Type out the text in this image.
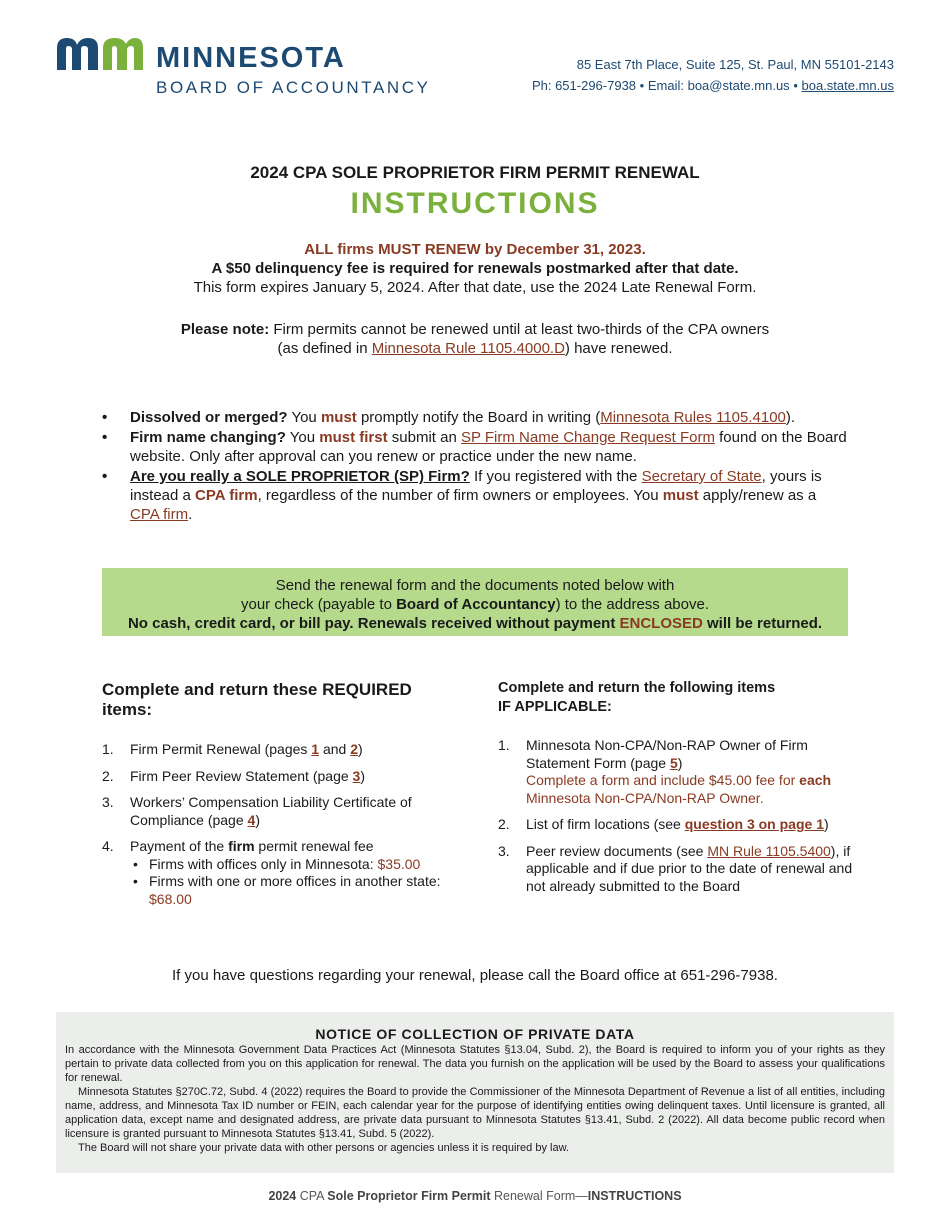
MINNESOTA
BOARD OF ACCOUNTANCY
85 East 7th Place, Suite 125, St. Paul, MN 55101-2143
Ph: 651-296-7938 • Email: boa@state.mn.us • boa.state.mn.us
2024 CPA SOLE PROPRIETOR FIRM PERMIT RENEWAL
INSTRUCTIONS
ALL firms MUST RENEW by December 31, 2023.
A $50 delinquency fee is required for renewals postmarked after that date.
This form expires January 5, 2024. After that date, use the 2024 Late Renewal Form.
Please note: Firm permits cannot be renewed until at least two-thirds of the CPA owners
(as defined in Minnesota Rule 1105.4000.D) have renewed.
• Dissolved or merged? You must promptly notify the Board in writing (Minnesota Rules 1105.4100).
• Firm name changing? You must first submit an SP Firm Name Change Request Form found on the Board website. Only after approval can you renew or practice under the new name.
• Are you really a SOLE PROPRIETOR (SP) Firm? If you registered with the Secretary of State, yours is instead a CPA firm, regardless of the number of firm owners or employees. You must apply/renew as a CPA firm.
Send the renewal form and the documents noted below with
your check (payable to Board of Accountancy) to the address above.
No cash, credit card, or bill pay. Renewals received without payment ENCLOSED will be returned.
Complete and return these REQUIRED items:
1. Firm Permit Renewal (pages 1 and 2)
2. Firm Peer Review Statement (page 3)
3. Workers’ Compensation Liability Certificate of Compliance (page 4)
4. Payment of the firm permit renewal fee
• Firms with offices only in Minnesota: $35.00
• Firms with one or more offices in another state: $68.00
Complete and return the following items
IF APPLICABLE:
1. Minnesota Non-CPA/Non-RAP Owner of Firm Statement Form (page 5)
Complete a form and include $45.00 fee for each Minnesota Non-CPA/Non-RAP Owner.
2. List of firm locations (see question 3 on page 1)
3. Peer review documents (see MN Rule 1105.5400), if applicable and if due prior to the date of renewal and not already submitted to the Board
If you have questions regarding your renewal, please call the Board office at 651-296-7938.
NOTICE OF COLLECTION OF PRIVATE DATA

In accordance with the Minnesota Government Data Practices Act (Minnesota Statutes §13.04, Subd. 2), the Board is required to inform you of your rights as they pertain to private data collected from you on this application for renewal. The data you furnish on the application will be used by the Board to assess your qualifications for renewal.

Minnesota Statutes §270C.72, Subd. 4 (2022) requires the Board to provide the Commissioner of the Minnesota Department of Revenue a list of all entities, including name, address, and Minnesota Tax ID number or FEIN, each calendar year for the purpose of identifying entities owing delinquent taxes. Until licensure is granted, all application data, except name and designated address, are private data pursuant to Minnesota Statutes §13.41, Subd. 2 (2022). All data become public record when licensure is granted pursuant to Minnesota Statutes §13.41, Subd. 5 (2022).

The Board will not share your private data with other persons or agencies unless it is required by law.

2024 CPA Sole Proprietor Firm Permit Renewal Form—INSTRUCTIONS
